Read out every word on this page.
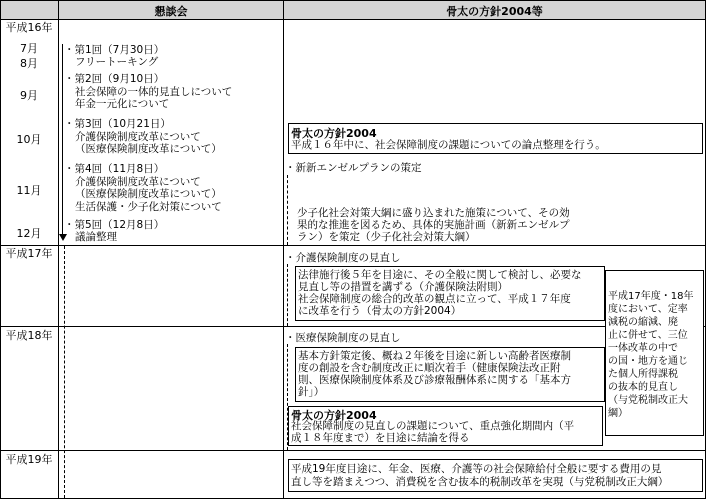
懇談会	骨太の方針2004等
平成16年
7月
8月
9月
10月
11月
12月
平成17年
平成18年
平成19年
・第1回（7月30日）
フリートーキング
・第2回（9月10日）
社会保障の一体的見直しについて
年金一元化について
・第3回（10月21日）
介護保険制度改革について
（医療保険制度改革について）
・第4回（11月8日）
介護保険制度改革について
（医療保険制度改革について）
生活保護・少子化対策について
・第5回（12月8日）
議論整理
骨太の方針2004
平成１６年中に、社会保障制度の課題についての論点整理を行う。
・新新エンゼルプランの策定
少子化社会対策大綱に盛り込まれた施策について、その効
果的な推進を図るため、具体的実施計画（新新エンゼルプ
ラン）を策定（少子化社会対策大綱）
・介護保険制度の見直し
法律施行後５年を目途に、その全般に関して検討し、必要な
見直し等の措置を講ずる（介護保険法附則）
社会保障制度の総合的改革の観点に立って、平成１７年度
に改革を行う（骨太の方針2004）
・医療保険制度の見直し
基本方針策定後、概ね２年後を目途に新しい高齢者医療制
度の創設を含む制度改正に順次着手（健康保険法改正附
則、医療保険制度体系及び診療報酬体系に関する「基本方
針」）
骨太の方針2004
社会保障制度の見直しの課題について、重点強化期間内（平
成１８年度まで）を目途に結論を得る
平成17年度・18年
度において、定率
減税の縮減、廃
止に併せて、三位
一体改革の中で
の国・地方を通じ
た個人所得課税
の抜本的見直し
（与党税制改正大
綱）
平成19年度目途に、年金、医療、介護等の社会保障給付全般に要する費用の見
直し等を踏まえつつ、消費税を含む抜本的税制改革を実現（与党税制改正大綱）
